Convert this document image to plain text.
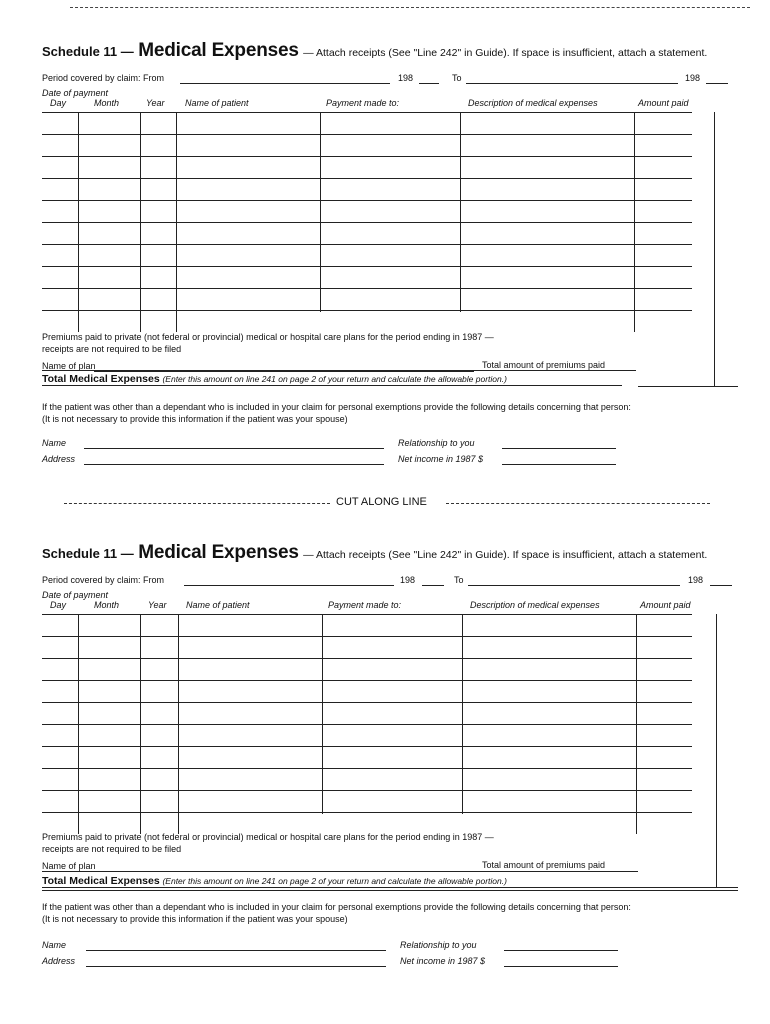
Schedule 11 — Medical Expenses — Attach receipts (See "Line 242" in Guide). If space is insufficient, attach a statement.
Period covered by claim: From	198	To	198
Date of payment
Day	Month	Year Name of patient	Payment made to:	Description of medical expenses	Amount paid
Premiums paid to private (not federal or provincial) medical or hospital care plans for the period ending in 1987 —
receipts are not required to be filed
Name of plan	Total amount of premiums paid
Total Medical Expenses (Enter this amount on line 241 on page 2 of your return and calculate the allowable portion.)
If the patient was other than a dependant who is included in your claim for personal exemptions provide the following details concerning that person:
(It is not necessary to provide this information if the patient was your spouse)
Name	Relationship to you
Address	Net income in 1987 $
CUT ALONG LINE
Schedule 11 — Medical Expenses — Attach receipts (See "Line 242" in Guide). If space is insufficient, attach a statement.
Period covered by claim: From	198	To	198
Date of payment
Day	Month	Year Name of patient	Payment made to:	Description of medical expenses	Amount paid
Premiums paid to private (not federal or provincial) medical or hospital care plans for the period ending in 1987 —
receipts are not required to be filed
Name of plan	Total amount of premiums paid
Total Medical Expenses (Enter this amount on line 241 on page 2 of your return and calculate the allowable portion.)
If the patient was other than a dependant who is included in your claim for personal exemptions provide the following details concerning that person:
(It is not necessary to provide this information if the patient was your spouse)
Name	Relationship to you
Address	Net income in 1987 $
